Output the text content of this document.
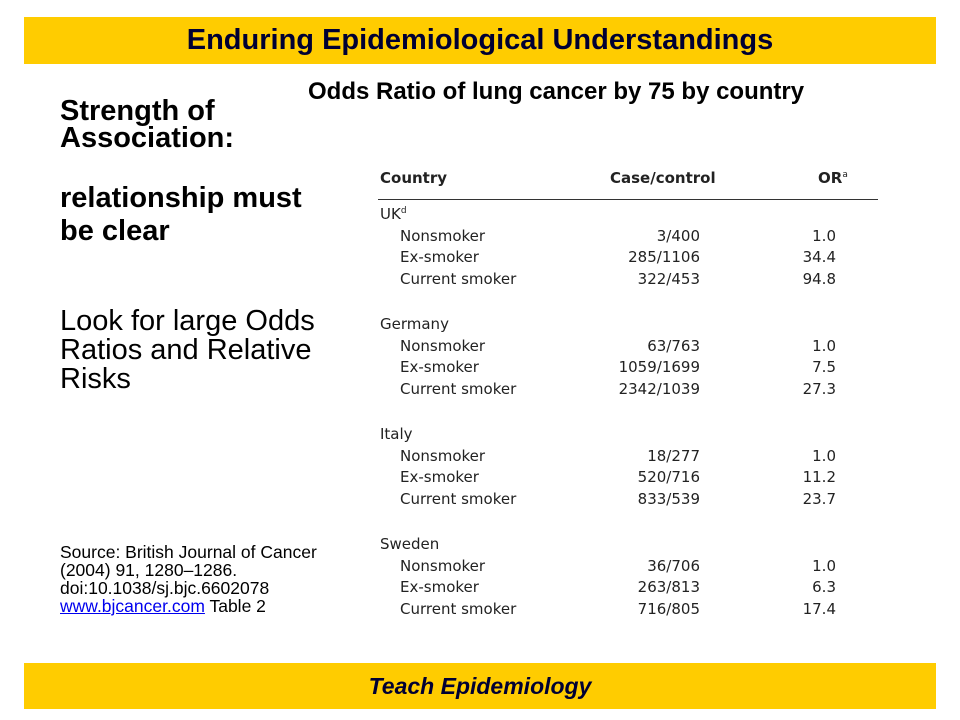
Enduring Epidemiological Understandings
Strength of Association:
relationship must be clear
Look for large Odds Ratios and Relative Risks
Source: British Journal of Cancer (2004) 91, 1280–1286. doi:10.1038/sj.bjc.6602078 www.bjcancer.com Table 2
Odds Ratio of lung cancer by 75 by country
Country	Case/control	$OR^a$
$UK^d$
Nonsmoker	3/400	1.0
Ex-smoker	285/1106	34.4
Current smoker	322/453	94.8
Germany
Nonsmoker	63/763	1.0
Ex-smoker	1059/1699	7.5
Current smoker	2342/1039	27.3
Italy
Nonsmoker	18/277	1.0
Ex-smoker	520/716	11.2
Current smoker	833/539	23.7
Sweden
Nonsmoker	36/706	1.0
Ex-smoker	263/813	6.3
Current smoker	716/805	17.4
Teach Epidemiology
